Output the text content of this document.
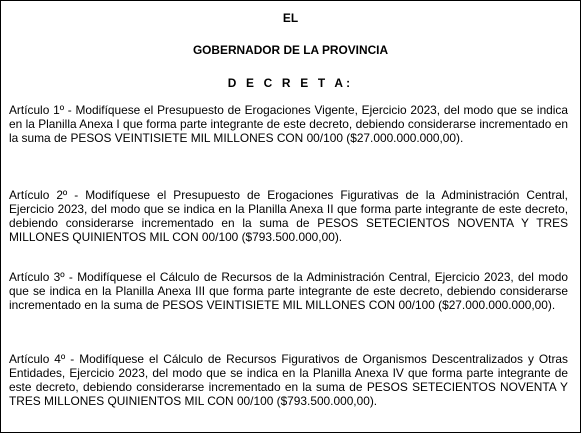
EL

GOBERNADOR DE LA PROVINCIA

D E C R E T A:

Artículo 1º - Modifíquese el Presupuesto de Erogaciones Vigente, Ejercicio 2023, del modo que se indica en la Planilla Anexa I que forma parte integrante de este decreto, debiendo considerarse incrementado en la suma de PESOS VEINTISIETE MIL MILLONES CON 00/100 ($27.000.000.000,00).

Artículo 2º - Modifíquese el Presupuesto de Erogaciones Figurativas de la Administración Central, Ejercicio 2023, del modo que se indica en la Planilla Anexa II que forma parte integrante de este decreto, debiendo considerarse incrementado en la suma de PESOS SETECIENTOS NOVENTA Y TRES MILLONES QUINIENTOS MIL CON 00/100 ($793.500.000,00).

Artículo 3º - Modifíquese el Cálculo de Recursos de la Administración Central, Ejercicio 2023, del modo que se indica en la Planilla Anexa III que forma parte integrante de este decreto, debiendo considerarse incrementado en la suma de PESOS VEINTISIETE MIL MILLONES CON 00/100 ($27.000.000.000,00).

Artículo 4º - Modifíquese el Cálculo de Recursos Figurativos de Organismos Descentralizados y Otras Entidades, Ejercicio 2023, del modo que se indica en la Planilla Anexa IV que forma parte integrante de este decreto, debiendo considerarse incrementado en la suma de PESOS SETECIENTOS NOVENTA Y TRES MILLONES QUINIENTOS MIL CON 00/100 ($793.500.000,00).
